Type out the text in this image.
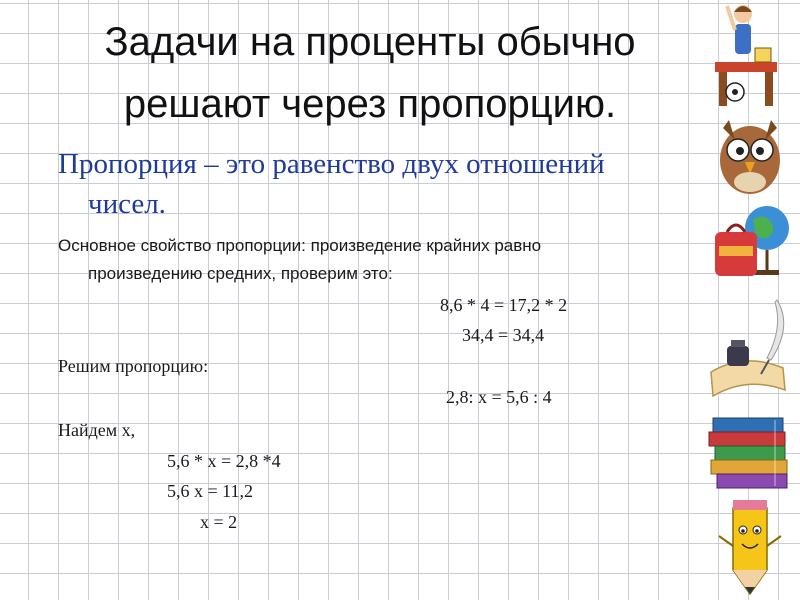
Задачи на проценты обычно
решают через пропорцию.
Пропорция – это равенство двух отношений
чисел.
Основное свойство пропорции: произведение крайних равно
произведению средних, проверим это:
8,6 * 4 = 17,2 * 2
34,4 = 34,4
Решим пропорцию:
2,8: х = 5,6 : 4
Найдем х,
5,6 * х = 2,8 *4
5,6 х = 11,2
х = 2
